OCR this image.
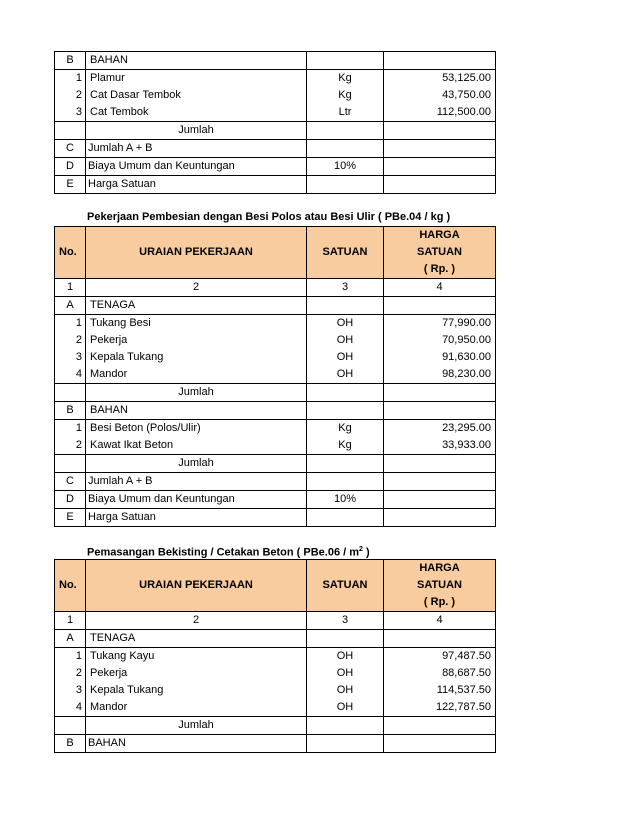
B	BAHAN		
1	Plamur	Kg	53,125.00
2	Cat Dasar Tembok	Kg	43,750.00
3	Cat Tembok	Ltr	112,500.00
	Jumlah		
C	Jumlah A + B		
D	Biaya Umum dan Keuntungan	10%	
E	Harga Satuan		
Pekerjaan Pembesian dengan Besi Polos atau Besi Ulir ( PBe.04 / kg )
No.	URAIAN PEKERJAAN	SATUAN	HARGA
SATUAN
( Rp. )

1	2	3	4
A	TENAGA		
1	Tukang Besi	OH	77,990.00
2	Pekerja	OH	70,950.00
3	Kepala Tukang	OH	91,630.00
4	Mandor	OH	98,230.00
	Jumlah		
B	BAHAN		
1	Besi Beton (Polos/Ulir)	Kg	23,295.00
2	Kawat Ikat Beton	Kg	33,933.00
	Jumlah		
C	Jumlah A + B		
D	Biaya Umum dan Keuntungan	10%	
E	Harga Satuan		
Pemasangan Bekisting / Cetakan Beton ( $PBe.06 / m^2$ )
No.	URAIAN PEKERJAAN	SATUAN	HARGA
SATUAN
( Rp. )

1	2	3	4
A	TENAGA		
1	Tukang Kayu	OH	97,487.50
2	Pekerja	OH	88,687.50
3	Kepala Tukang	OH	114,537.50
4	Mandor	OH	122,787.50
	Jumlah		
B	BAHAN		
